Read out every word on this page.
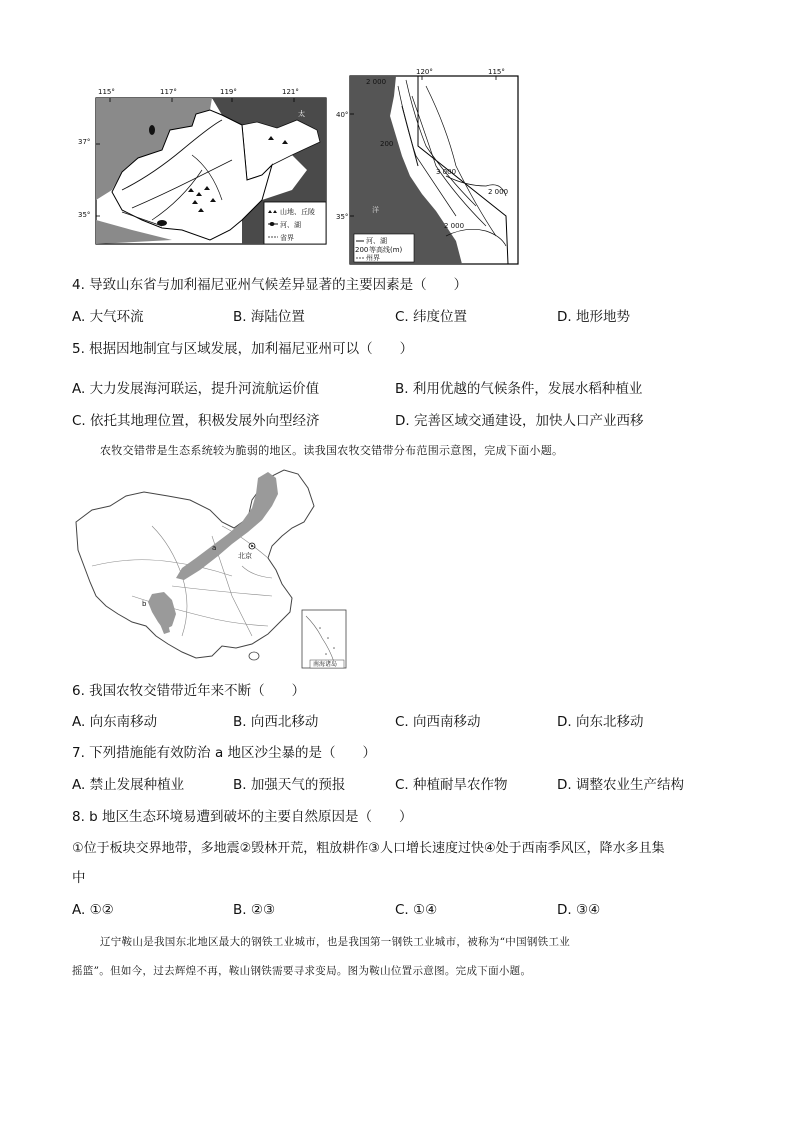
山地、丘陵
河、湖
省界
115°	117°	119°	121°
太
37°
35°
120°	115°
40°
35°
2 000
200
3 000
2 000
2 000
洋
河、湖
200 等高线(m)
州界
4. 导致山东省与加利福尼亚州气候差异显著的主要因素是（　　）
A. 大气环流	B. 海陆位置	C. 纬度位置	D. 地形地势
5. 根据因地制宜与区域发展，加利福尼亚州可以（　　）
A. 大力发展海河联运，提升河流航运价值	B. 利用优越的气候条件，发展水稻种植业
C. 依托其地理位置，积极发展外向型经济	D. 完善区域交通建设，加快人口产业西移
农牧交错带是生态系统较为脆弱的地区。读我国农牧交错带分布范围示意图，完成下面小题。
北京
a
b
南海诸岛
6. 我国农牧交错带近年来不断（　　）
A. 向东南移动	B. 向西北移动	C. 向西南移动	D. 向东北移动
7. 下列措施能有效防治 a 地区沙尘暴的是（　　）
A. 禁止发展种植业	B. 加强天气的预报	C. 种植耐旱农作物	D. 调整农业生产结构
8. b 地区生态环境易遭到破坏的主要自然原因是（　　）
①位于板块交界地带，多地震②毁林开荒，粗放耕作③人口增长速度过快④处于西南季风区，降水多且集
中
A. ①②	B. ②③	C. ①④	D. ③④
辽宁鞍山是我国东北地区最大的钢铁工业城市，也是我国第一钢铁工业城市，被称为“中国钢铁工业
摇篮”。但如今，过去辉煌不再，鞍山钢铁需要寻求变局。图为鞍山位置示意图。完成下面小题。
